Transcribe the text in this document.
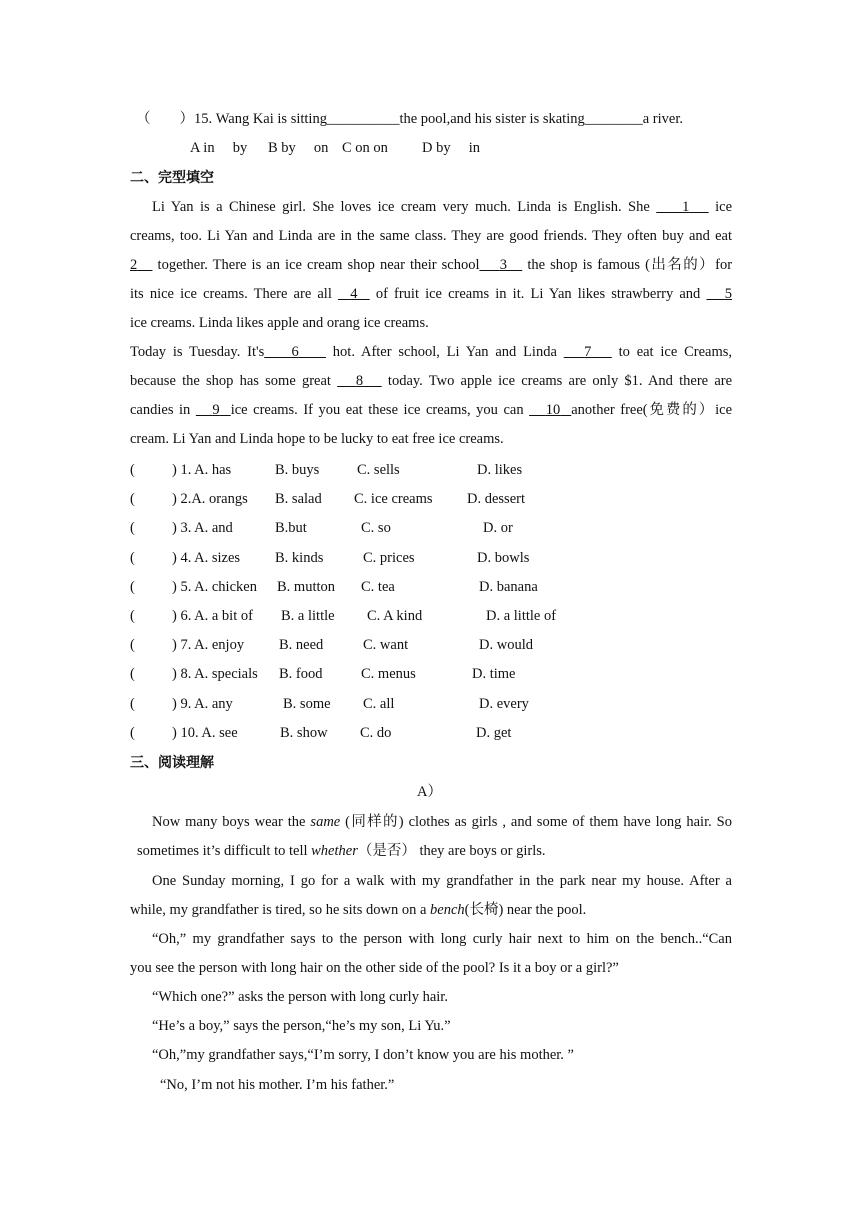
（　　）15. Wang Kai is sitting__________the pool,and his sister is skating________a river.
A in　 by B by　 on C on on D by　 in
二、完型填空
Li Yan is a Chinese girl. She loves ice cream very much. Linda is English. She     1    ice
creams, too. Li Yan and Linda are in the same class. They are good friends. They often buy and eat
2    together. There is an ice cream shop near their school 3    the shop is famous (出名的）for
its nice ice creams. There are all   4   of fruit ice creams in it. Li Yan likes strawberry and    5
ice creams. Linda likes apple and orang ice creams.
Today is Tuesday. It's 6     hot. After school, Li Yan and Linda    7    to eat ice Creams,
because the shop has some great    8    today. Two apple ice creams are only $1. And there are
candies in    9 ice creams. If you eat these ice creams, you can    10 another free(免费的）ice
cream. Li Yan and Linda hope to be lucky to eat free ice creams.
(	) 1. A. has	B. buys	C. sells	D. likes
(	) 2.A. orangs B. salad C. ice creams D. dessert
(	) 3. A. and	B.but	C. so	D. or
(	) 4. A. sizes B. kinds	C. prices	D. bowls
(	) 5. A. chicken B. mutton C. tea	D. banana
(	) 6. A. a bit of B. a little C. A kind	D. a little of
(	) 7. A. enjoy B. need	C. want	D. would
(	) 8. A. specials B. food	C. menus	D. time
(	) 9. A. any	B. some C. all	D. every
(	) 10. A. see	B. show C. do	D. get
三、阅读理解
A）
Now many boys wear the same (同样的) clothes as girls , and some of them have long hair. So
sometimes it’s difficult to tell whether（是否） they are boys or girls.
One Sunday morning, I go for a walk with my grandfather in the park near my house. After a
while, my grandfather is tired, so he sits down on a bench(长椅) near the pool.
“Oh,” my grandfather says to the person with long curly hair next to him on the bench..“Can
you see the person with long hair on the other side of the pool? Is it a boy or a girl?”
“Which one?” asks the person with long curly hair.
“He’s a boy,” says the person,“he’s my son, Li Yu.”
“Oh,”my grandfather says,“I’m sorry, I don’t know you are his mother. ”
“No, I’m not his mother. I’m his father.”
